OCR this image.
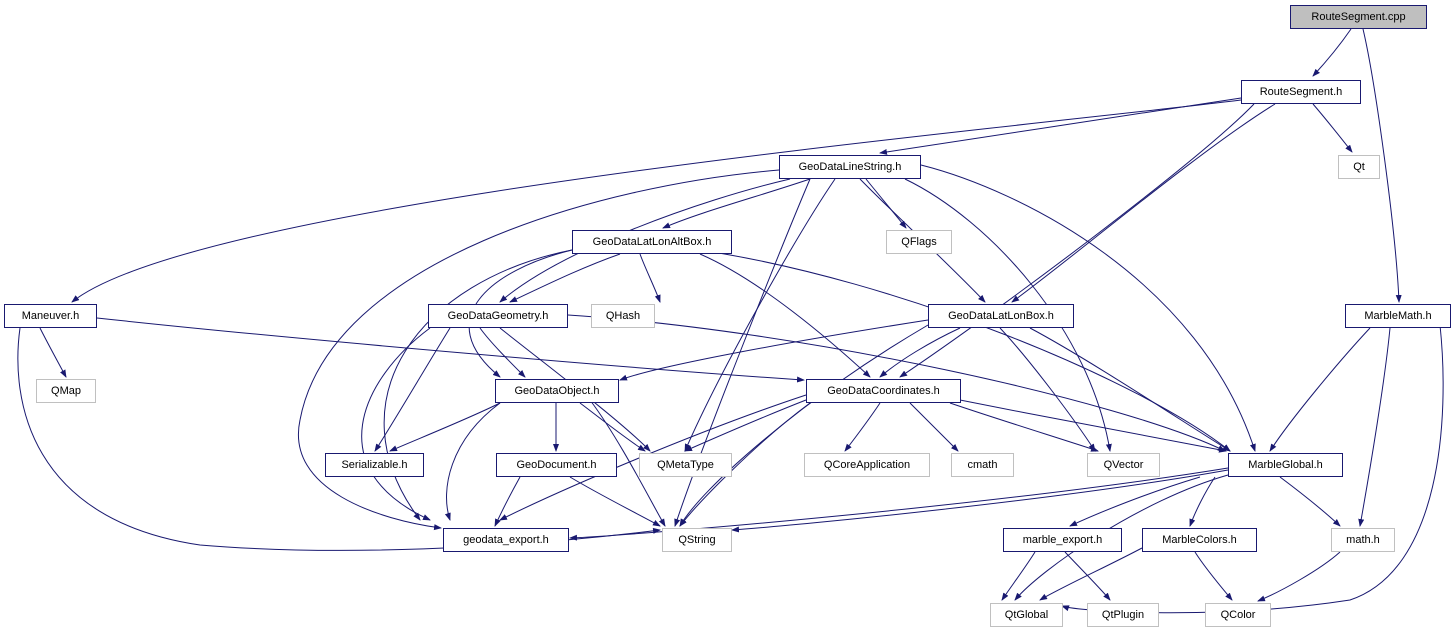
RouteSegment.cpp
RouteSegment.h
Qt
GeoDataLineString.h
QFlags
GeoDataLatLonAltBox.h
Maneuver.h
QMap
GeoDataGeometry.h	QHash	GeoDataLatLonBox.h	MarbleMath.h
GeoDataObject.h	GeoDataCoordinates.h
Serializable.h	GeoDocument.h	QMetaType	QCoreApplication	cmath	QVector	MarbleGlobal.h
geodata_export.h	QString	marble_export.h	MarbleColors.h	math.h
QtGlobal	QtPlugin	QColor
